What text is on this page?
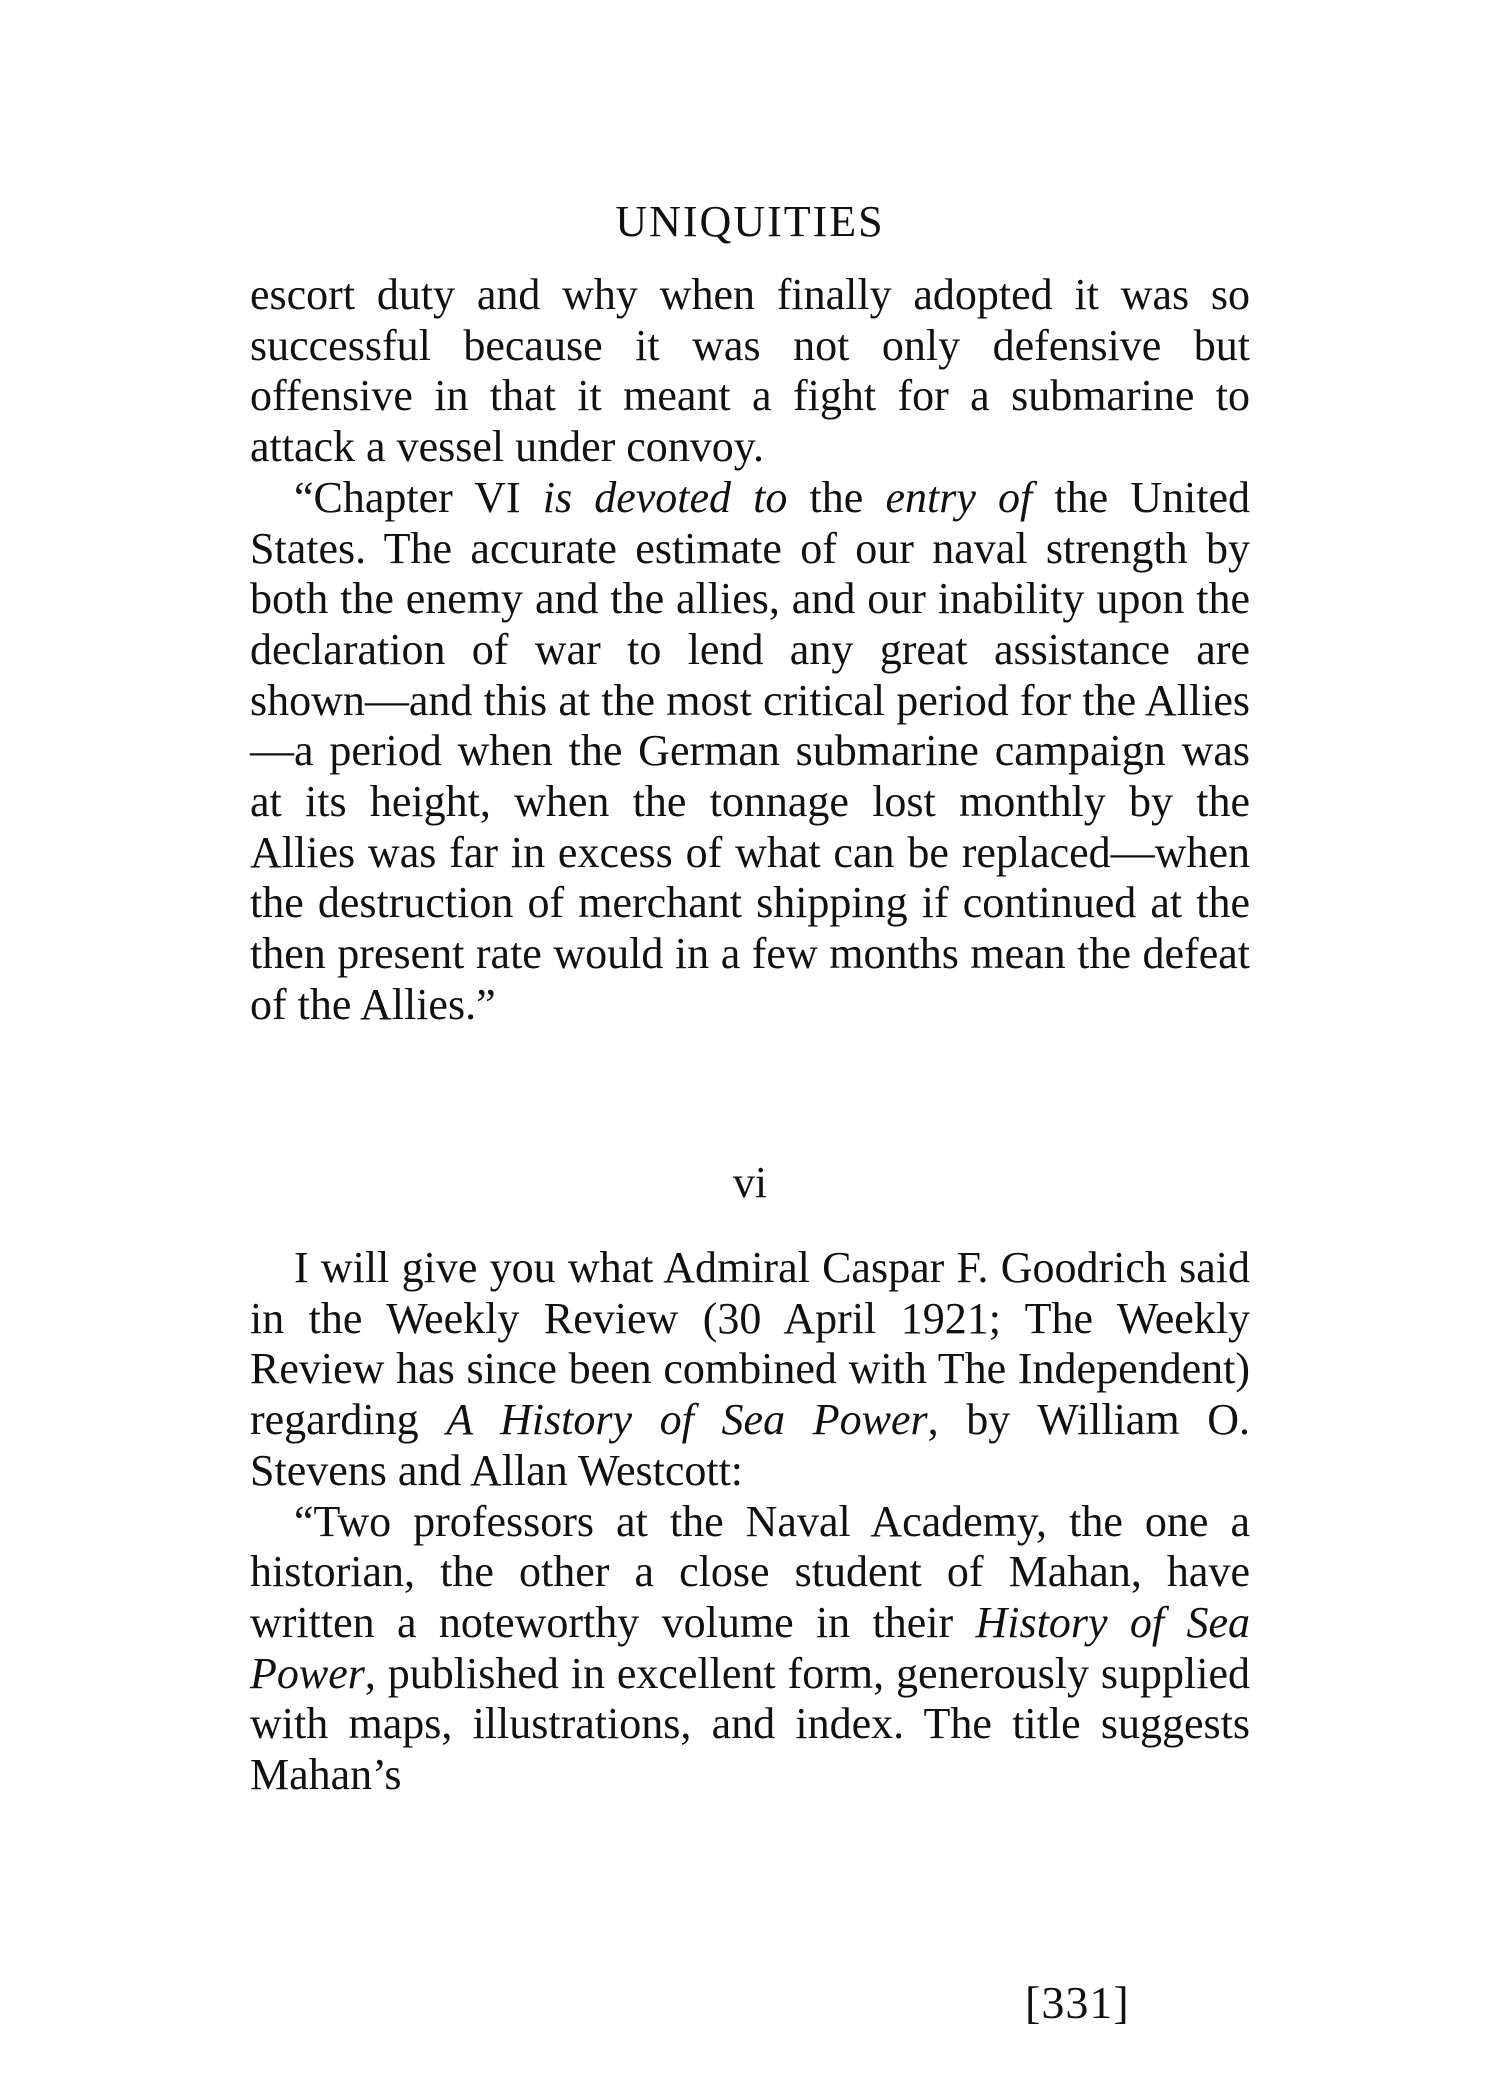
UNIQUITIES

escort duty and why when finally adopted it was so successful because it was not only defensive but offensive in that it meant a fight for a submarine to attack a vessel under convoy.

“Chapter VI is devoted to the entry of the United States. The accurate estimate of our naval strength by both the enemy and the allies, and our inability upon the declaration of war to lend any great assistance are shown—and this at the most critical period for the Allies—a period when the German submarine campaign was at its height, when the tonnage lost monthly by the Allies was far in excess of what can be replaced—when the destruction of merchant shipping if continued at the then present rate would in a few months mean the defeat of the Allies.”

vi

I will give you what Admiral Caspar F. Goodrich said in the Weekly Review (30 April 1921; The Weekly Review has since been combined with The Independent) regarding A History of Sea Power, by William O. Stevens and Allan Westcott:

“Two professors at the Naval Academy, the one a historian, the other a close student of Mahan, have written a noteworthy volume in their History of Sea Power, published in excellent form, generously supplied with maps, illustrations, and index. The title suggests Mahan’s

[331]
